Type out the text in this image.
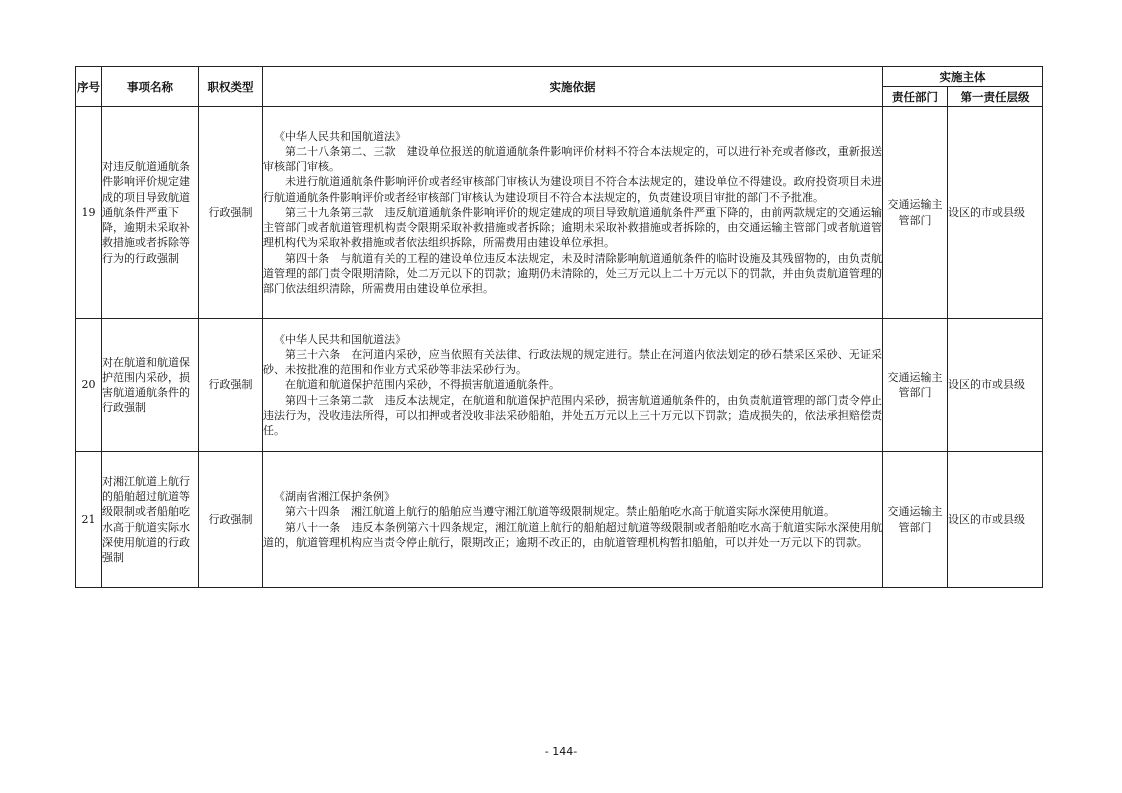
序号	事项名称	职权类型	实施依据	实施主体	
				责任部门	第一责任层级
19	对违反航道通航条件影响评价规定建成的项目导致航道通航条件严重下降，逾期未采取补救措施或者拆除等行为的行政强制	行政强制	《中华人民共和国航道法》

第二十八条第二、三款　建设单位报送的航道通航条件影响评价材料不符合本法规定的，可以进行补充或者修改，重新报送审核部门审核。

未进行航道通航条件影响评价或者经审核部门审核认为建设项目不符合本法规定的，建设单位不得建设。政府投资项目未进行航道通航条件影响评价或者经审核部门审核认为建设项目不符合本法规定的，负责建设项目审批的部门不予批准。

第三十九条第三款　违反航道通航条件影响评价的规定建成的项目导致航道通航条件严重下降的，由前两款规定的交通运输主管部门或者航道管理机构责令限期采取补救措施或者拆除；逾期未采取补救措施或者拆除的，由交通运输主管部门或者航道管理机构代为采取补救措施或者依法组织拆除，所需费用由建设单位承担。

第四十条　与航道有关的工程的建设单位违反本法规定，未及时清除影响航道通航条件的临时设施及其残留物的，由负责航道管理的部门责令限期清除，处二万元以下的罚款；逾期仍未清除的，处三万元以上二十万元以下的罚款，并由负责航道管理的部门依法组织清除，所需费用由建设单位承担。	交通运输主管部门	设区的市或县级
20	对在航道和航道保护范围内采砂，损害航道通航条件的行政强制	行政强制	《中华人民共和国航道法》

第三十六条　在河道内采砂，应当依照有关法律、行政法规的规定进行。禁止在河道内依法划定的砂石禁采区采砂、无证采砂、未按批准的范围和作业方式采砂等非法采砂行为。

在航道和航道保护范围内采砂，不得损害航道通航条件。

第四十三条第二款　违反本法规定，在航道和航道保护范围内采砂，损害航道通航条件的，由负责航道管理的部门责令停止违法行为，没收违法所得，可以扣押或者没收非法采砂船舶，并处五万元以上三十万元以下罚款；造成损失的，依法承担赔偿责任。	交通运输主管部门	设区的市或县级
21	对湘江航道上航行的船舶超过航道等级限制或者船舶吃水高于航道实际水深使用航道的行政强制	行政强制	《湖南省湘江保护条例》

第六十四条　湘江航道上航行的船舶应当遵守湘江航道等级限制规定。禁止船舶吃水高于航道实际水深使用航道。

第八十一条　违反本条例第六十四条规定，湘江航道上航行的船舶超过航道等级限制或者船舶吃水高于航道实际水深使用航道的，航道管理机构应当责令停止航行，限期改正；逾期不改正的，由航道管理机构暂扣船舶，可以并处一万元以下的罚款。	交通运输主管部门	设区的市或县级
- 144-
